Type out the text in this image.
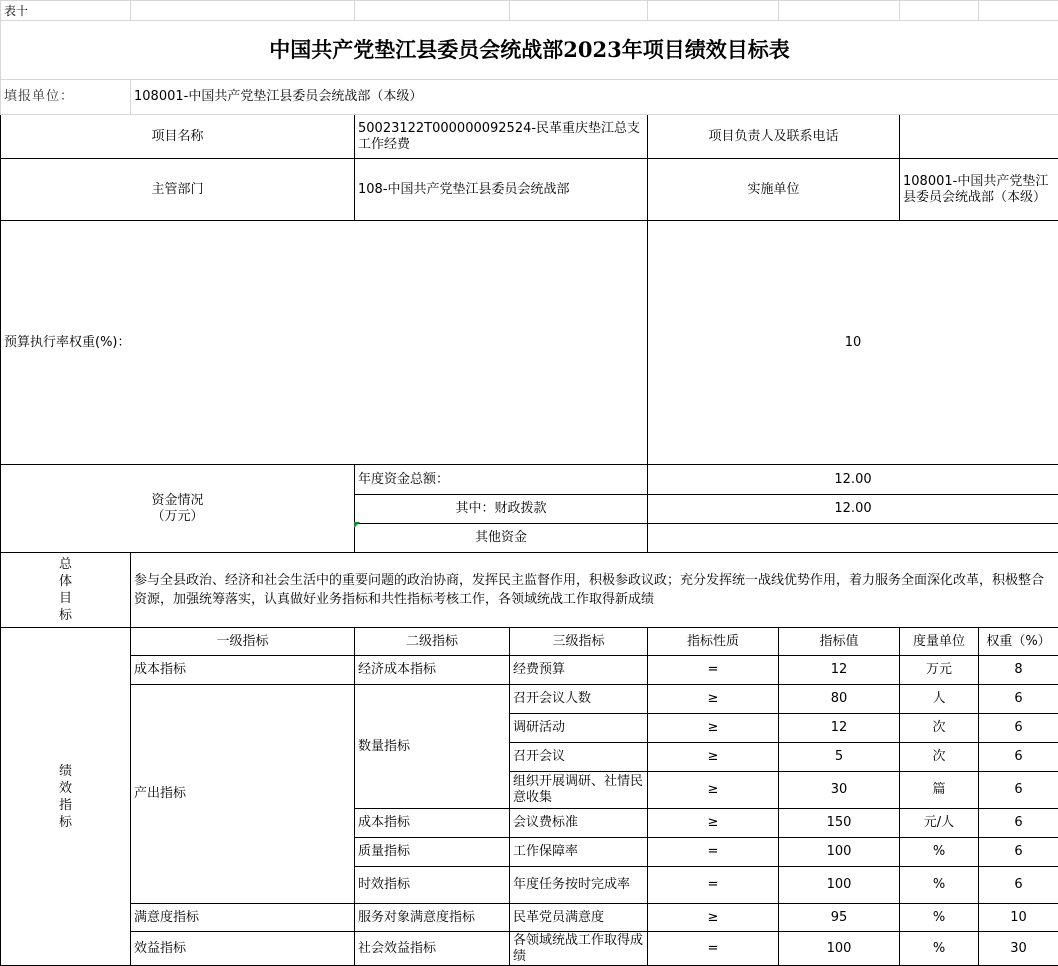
表十							
中国共产党垫江县委员会统战部2023年项目绩效目标表							
填报单位：	108001-中国共产党垫江县委员会统战部（本级）						
项目名称		50023122T000000092524-民革重庆垫江总支工作经费		项目负责人及联系电话			
主管部门		108-中国共产党垫江县委员会统战部		实施单位		108001-中国共产党垫江县委员会统战部（本级）	
预算执行率权重(%)：				10			
资金情况
（万元）		年度资金总额：		12.00			
		其中：财政拨款		12.00			
		其他资金					

总
体
目
标	参与全县政治、经济和社会生活中的重要问题的政治协商，发挥民主监督作用，积极参政议政；充分发挥统一战线优势作用，着力服务全面深化改革，积极整合资源，加强统筹落实，认真做好业务指标和共性指标考核工作，各领域统战工作取得新成绩						

绩
效
指
标	一级指标	二级指标	三级指标	指标性质	指标值	度量单位	权重（%）
	成本指标	经济成本指标	经费预算	=	12	万元	8
	产出指标	数量指标	召开会议人数	≥	80	人	6
			调研活动	≥	12	次	6
			召开会议	≥	5	次	6
			组织开展调研、社情民意收集	≥	30	篇	6
		成本指标	会议费标准	≥	150	元/人	6
		质量指标	工作保障率	=	100	%	6
		时效指标	年度任务按时完成率	=	100	%	6
	满意度指标	服务对象满意度指标	民革党员满意度	≥	95	%	10
	效益指标	社会效益指标	各领域统战工作取得成绩	=	100	%	30
